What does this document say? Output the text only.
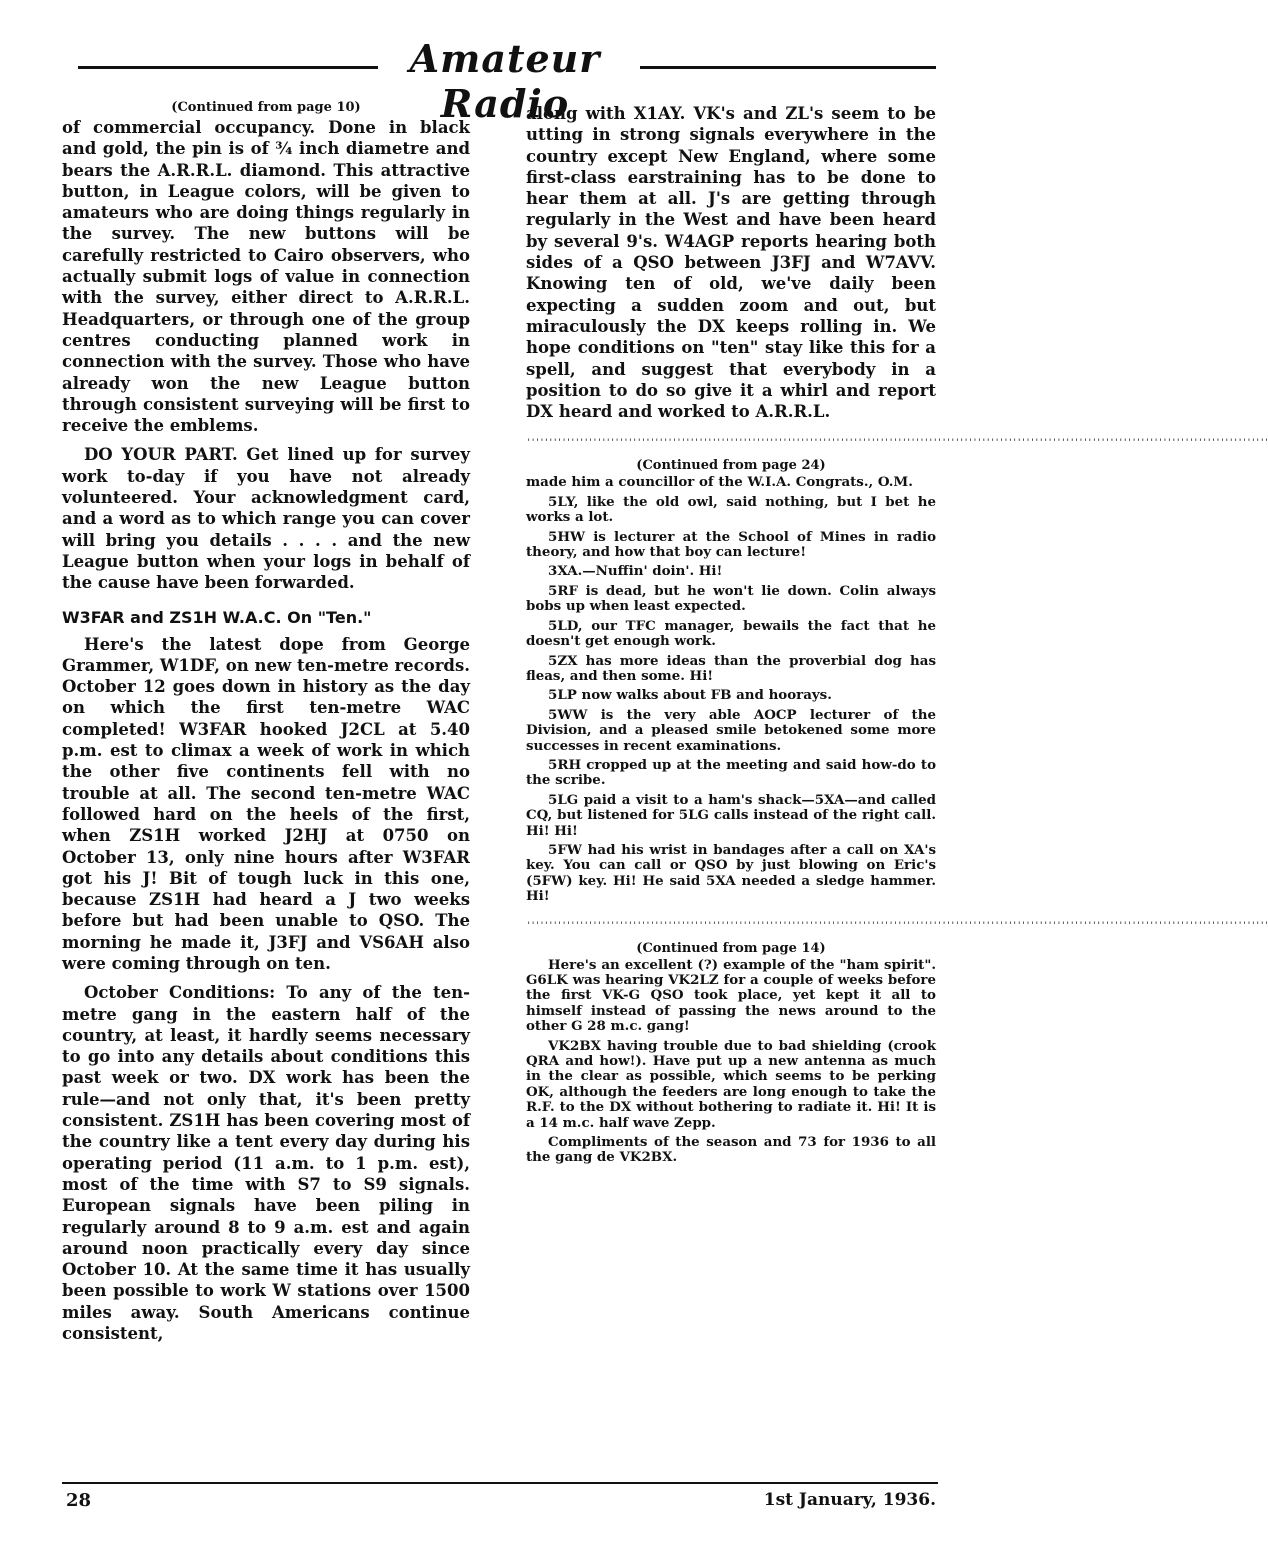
Amateur Radio
(Continued from page 10)

of commercial occupancy. Done in black and gold, the pin is of ¾ inch diametre and bears the A.R.R.L. diamond. This attractive button, in League colors, will be given to amateurs who are doing things regularly in the survey. The new buttons will be carefully restricted to Cairo observers, who actually submit logs of value in connection with the survey, either direct to A.R.R.L. Headquarters, or through one of the group centres conducting planned work in connection with the survey. Those who have already won the new League button through consistent surveying will be first to receive the emblems.

DO YOUR PART. Get lined up for survey work to-day if you have not already volunteered. Your acknowledgment card, and a word as to which range you can cover will bring you details . . . . and the new League button when your logs in behalf of the cause have been forwarded.

W3FAR and ZS1H W.A.C. On "Ten."

Here's the latest dope from George Grammer, W1DF, on new ten-metre records. October 12 goes down in history as the day on which the first ten-metre WAC completed! W3FAR hooked J2CL at 5.40 p.m. est to climax a week of work in which the other five continents fell with no trouble at all. The second ten-metre WAC followed hard on the heels of the first, when ZS1H worked J2HJ at 0750 on October 13, only nine hours after W3FAR got his J! Bit of tough luck in this one, because ZS1H had heard a J two weeks before but had been unable to QSO. The morning he made it, J3FJ and VS6AH also were coming through on ten.

October Conditions: To any of the ten-metre gang in the eastern half of the country, at least, it hardly seems necessary to go into any details about conditions this past week or two. DX work has been the rule—and not only that, it's been pretty consistent. ZS1H has been covering most of the country like a tent every day during his operating period (11 a.m. to 1 p.m. est), most of the time with S7 to S9 signals. European signals have been piling in regularly around 8 to 9 a.m. est and again around noon practically every day since October 10. At the same time it has usually been possible to work W stations over 1500 miles away. South Americans continue consistent,

along with X1AY. VK's and ZL's seem to be utting in strong signals everywhere in the country except New England, where some first-class earstraining has to be done to hear them at all. J's are getting through regularly in the West and have been heard by several 9's. W4AGP reports hearing both sides of a QSO between J3FJ and W7AVV. Knowing ten of old, we've daily been expecting a sudden zoom and out, but miraculously the DX keeps rolling in. We hope conditions on "ten" stay like this for a spell, and suggest that everybody in a position to do so give it a whirl and report DX heard and worked to A.R.R.L.

''''''''''''''''''''''''''''''''''''''''''''''''''''''''''''''''''''''''''''''''''''''''''''''''''''''''''''''''''''''''''''''''''''''''''''''''''''''''''''''''''''''''
(Continued from page 24)

made him a councillor of the W.I.A. Congrats., O.M.

5LY, like the old owl, said nothing, but I bet he works a lot.

5HW is lecturer at the School of Mines in radio theory, and how that boy can lecture!

3XA.—Nuffin' doin'. Hi!

5RF is dead, but he won't lie down. Colin always bobs up when least expected.

5LD, our TFC manager, bewails the fact that he doesn't get enough work.

5ZX has more ideas than the proverbial dog has fleas, and then some. Hi!

5LP now walks about FB and hoorays.

5WW is the very able AOCP lecturer of the Division, and a pleased smile betokened some more successes in recent examinations.

5RH cropped up at the meeting and said how-do to the scribe.

5LG paid a visit to a ham's shack—5XA—and called CQ, but listened for 5LG calls instead of the right call. Hi! Hi!

5FW had his wrist in bandages after a call on XA's key. You can call or QSO by just blowing on Eric's (5FW) key. Hi! He said 5XA needed a sledge hammer. Hi!

''''''''''''''''''''''''''''''''''''''''''''''''''''''''''''''''''''''''''''''''''''''''''''''''''''''''''''''''''''''''''''''''''''''''''''''''''''''''''''''''''''''''
(Continued from page 14)

Here's an excellent (?) example of the "ham spirit". G6LK was hearing VK2LZ for a couple of weeks before the first VK-G QSO took place, yet kept it all to himself instead of passing the news around to the other G 28 m.c. gang!

VK2BX having trouble due to bad shielding (crook QRA and how!). Have put up a new antenna as much in the clear as possible, which seems to be perking OK, although the feeders are long enough to take the R.F. to the DX without bothering to radiate it. Hi! It is a 14 m.c. half wave Zepp.

Compliments of the season and 73 for 1936 to all the gang de VK2BX.

28	1st January, 1936.
